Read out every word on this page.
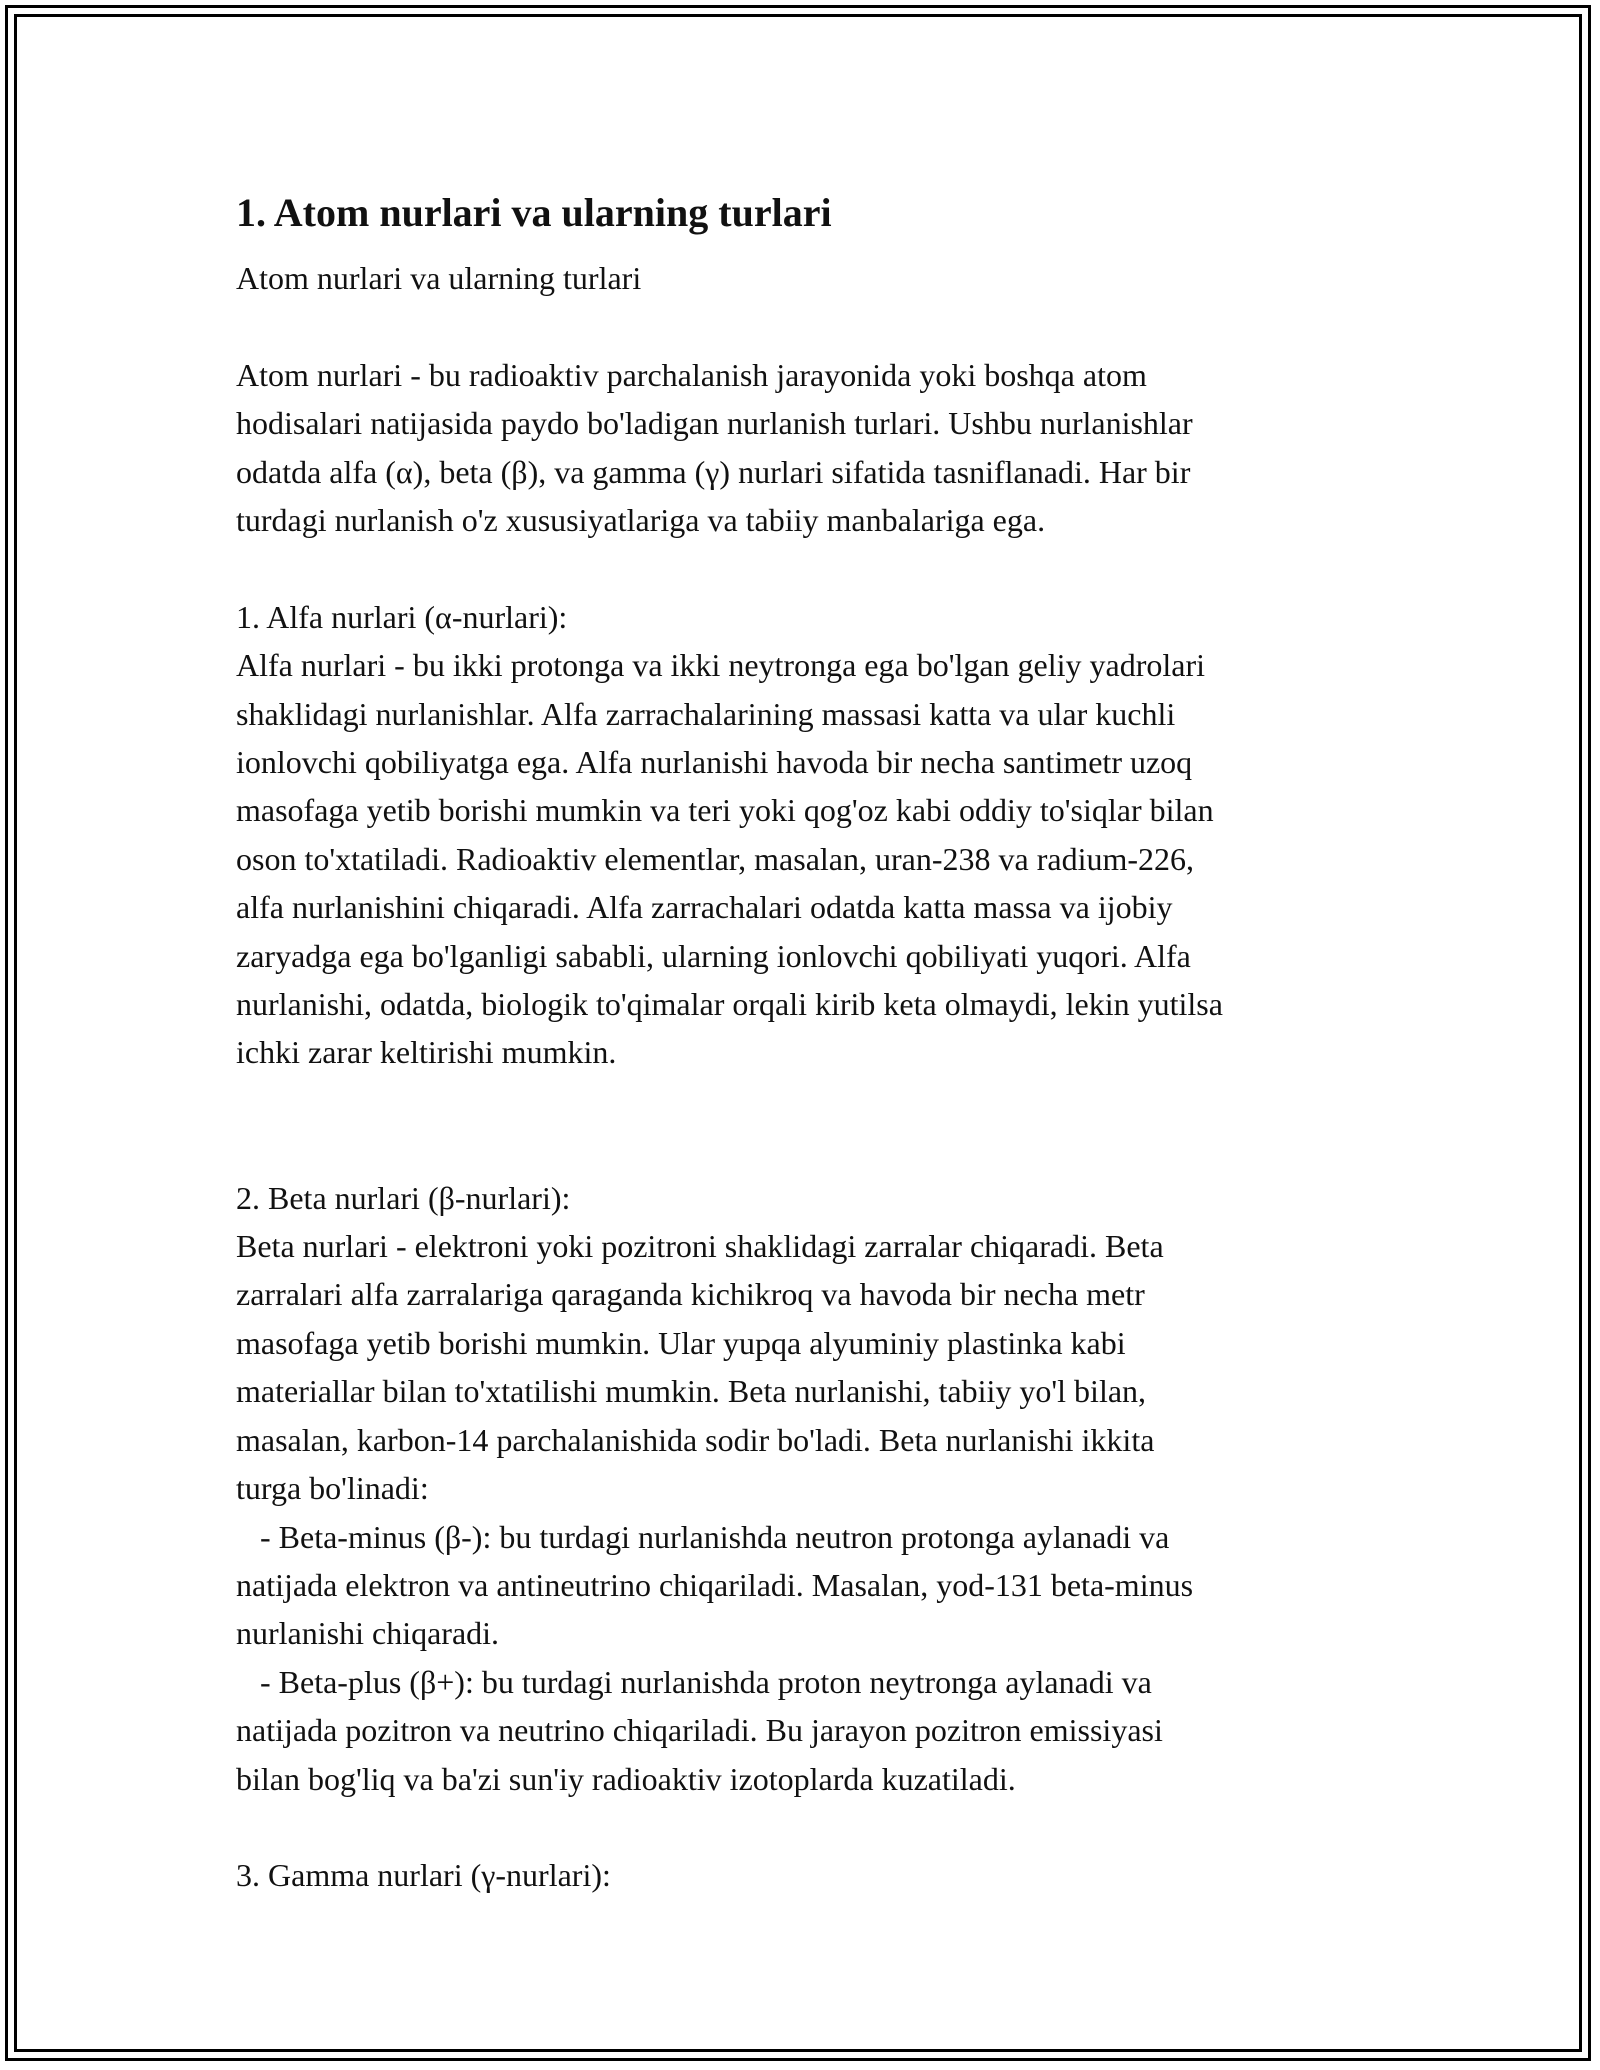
1. Atom nurlari va ularning turlari

Atom nurlari va ularning turlari

Atom nurlari - bu radioaktiv parchalanish jarayonida yoki boshqa atom
hodisalari natijasida paydo bo'ladigan nurlanish turlari. Ushbu nurlanishlar
odatda alfa (α), beta (β), va gamma (γ) nurlari sifatida tasniflanadi. Har bir
turdagi nurlanish o'z xususiyatlariga va tabiiy manbalariga ega.

1. Alfa nurlari (α-nurlari):
Alfa nurlari - bu ikki protonga va ikki neytronga ega bo'lgan geliy yadrolari
shaklidagi nurlanishlar. Alfa zarrachalarining massasi katta va ular kuchli
ionlovchi qobiliyatga ega. Alfa nurlanishi havoda bir necha santimetr uzoq
masofaga yetib borishi mumkin va teri yoki qog'oz kabi oddiy to'siqlar bilan
oson to'xtatiladi. Radioaktiv elementlar, masalan, uran-238 va radium-226,
alfa nurlanishini chiqaradi. Alfa zarrachalari odatda katta massa va ijobiy
zaryadga ega bo'lganligi sababli, ularning ionlovchi qobiliyati yuqori. Alfa
nurlanishi, odatda, biologik to'qimalar orqali kirib keta olmaydi, lekin yutilsa
ichki zarar keltirishi mumkin.

2. Beta nurlari (β-nurlari):
Beta nurlari - elektroni yoki pozitroni shaklidagi zarralar chiqaradi. Beta
zarralari alfa zarralariga qaraganda kichikroq va havoda bir necha metr
masofaga yetib borishi mumkin. Ular yupqa alyuminiy plastinka kabi
materiallar bilan to'xtatilishi mumkin. Beta nurlanishi, tabiiy yo'l bilan,
masalan, karbon-14 parchalanishida sodir bo'ladi. Beta nurlanishi ikkita
turga bo'linadi:
- Beta-minus (β-): bu turdagi nurlanishda neutron protonga aylanadi va
natijada elektron va antineutrino chiqariladi. Masalan, yod-131 beta-minus
nurlanishi chiqaradi.
- Beta-plus (β+): bu turdagi nurlanishda proton neytronga aylanadi va
natijada pozitron va neutrino chiqariladi. Bu jarayon pozitron emissiyasi
bilan bog'liq va ba'zi sun'iy radioaktiv izotoplarda kuzatiladi.

3. Gamma nurlari (γ-nurlari):
